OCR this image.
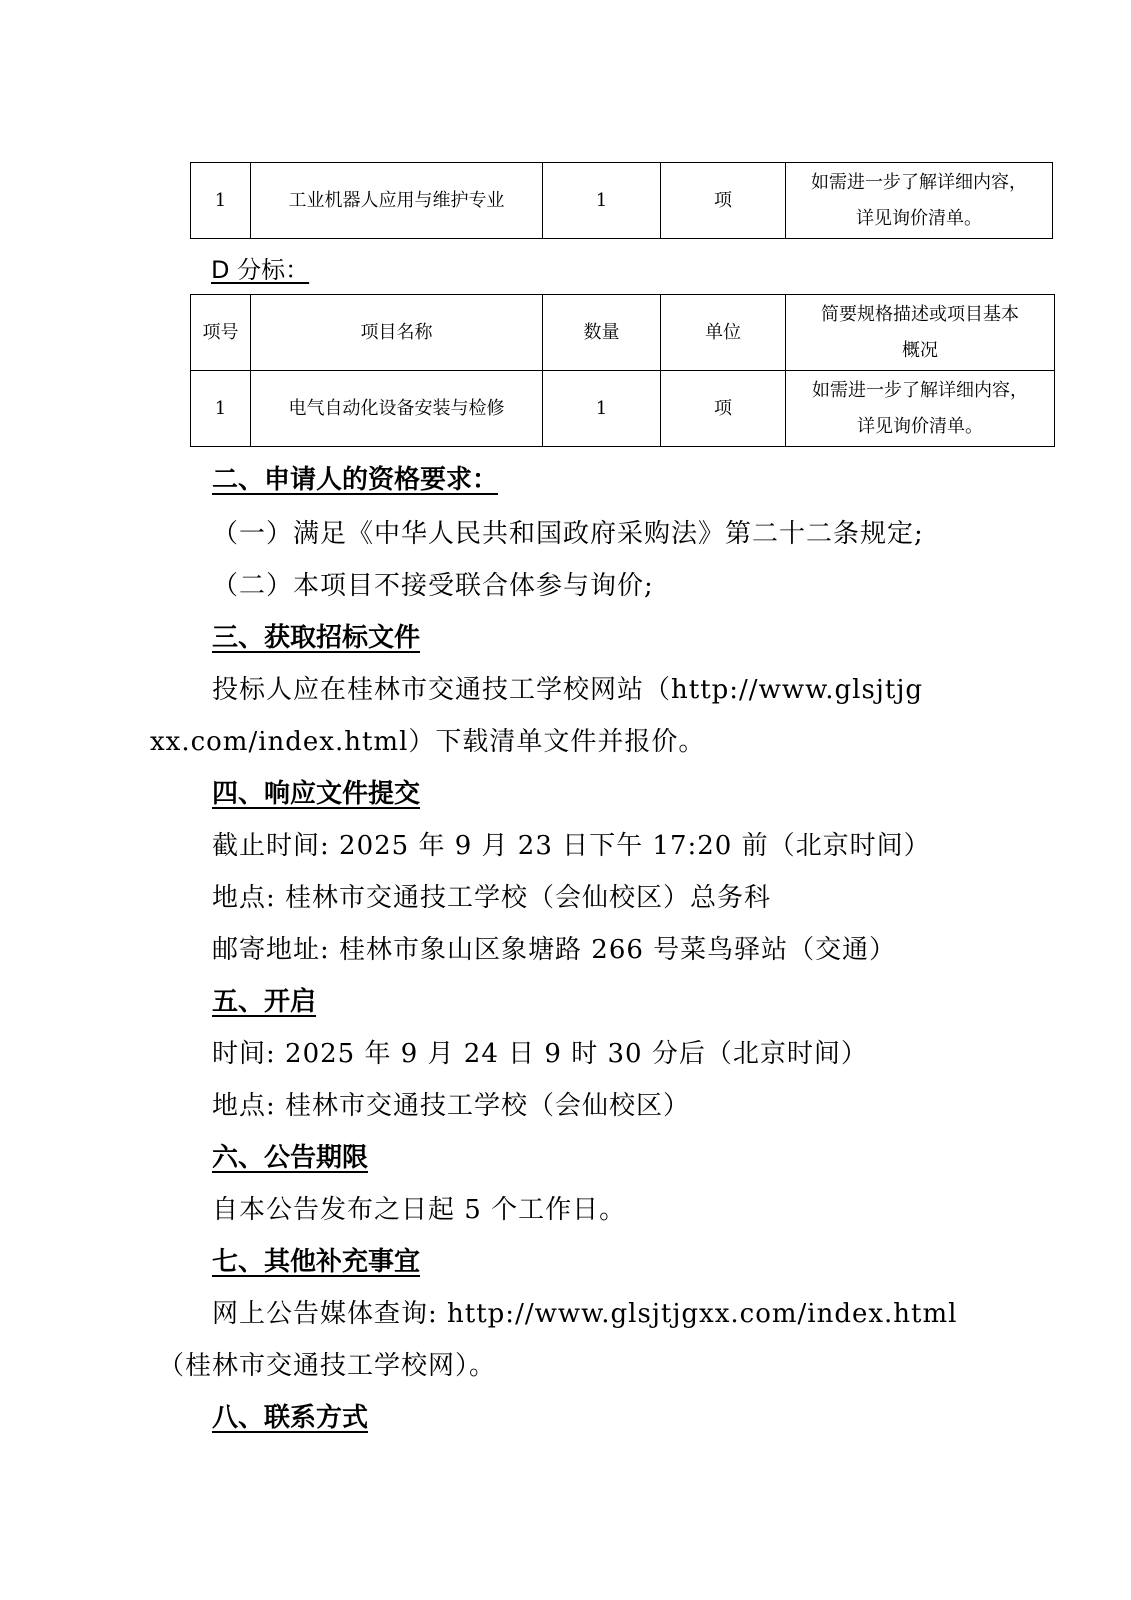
1	工业机器人应用与维护专业	1	项	如需进一步了解详细内容，
详见询价清单。
D 分标：
项号	项目名称	数量	单位	简要规格描述或项目基本
概况
1	电气自动化设备安装与检修	1	项	如需进一步了解详细内容，
详见询价清单。
二、申请人的资格要求：
（一）满足《中华人民共和国政府采购法》第二十二条规定;
（二）本项目不接受联合体参与询价;
三、获取招标文件
投标人应在桂林市交通技工学校网站（http://www.glsjtjg
xx.com/index.html）下载清单文件并报价。
四、响应文件提交
截止时间: 2025 年 9 月 23 日下午 17:20 前（北京时间）
地点: 桂林市交通技工学校（会仙校区）总务科
邮寄地址: 桂林市象山区象塘路 266 号菜鸟驿站（交通）
五、开启
时间: 2025 年 9 月 24 日 9 时 30 分后（北京时间）
地点: 桂林市交通技工学校（会仙校区）
六、公告期限
自本公告发布之日起 5 个工作日。
七、其他补充事宜
网上公告媒体查询: http://www.glsjtjgxx.com/index.html
（桂林市交通技工学校网）。
八、联系方式
